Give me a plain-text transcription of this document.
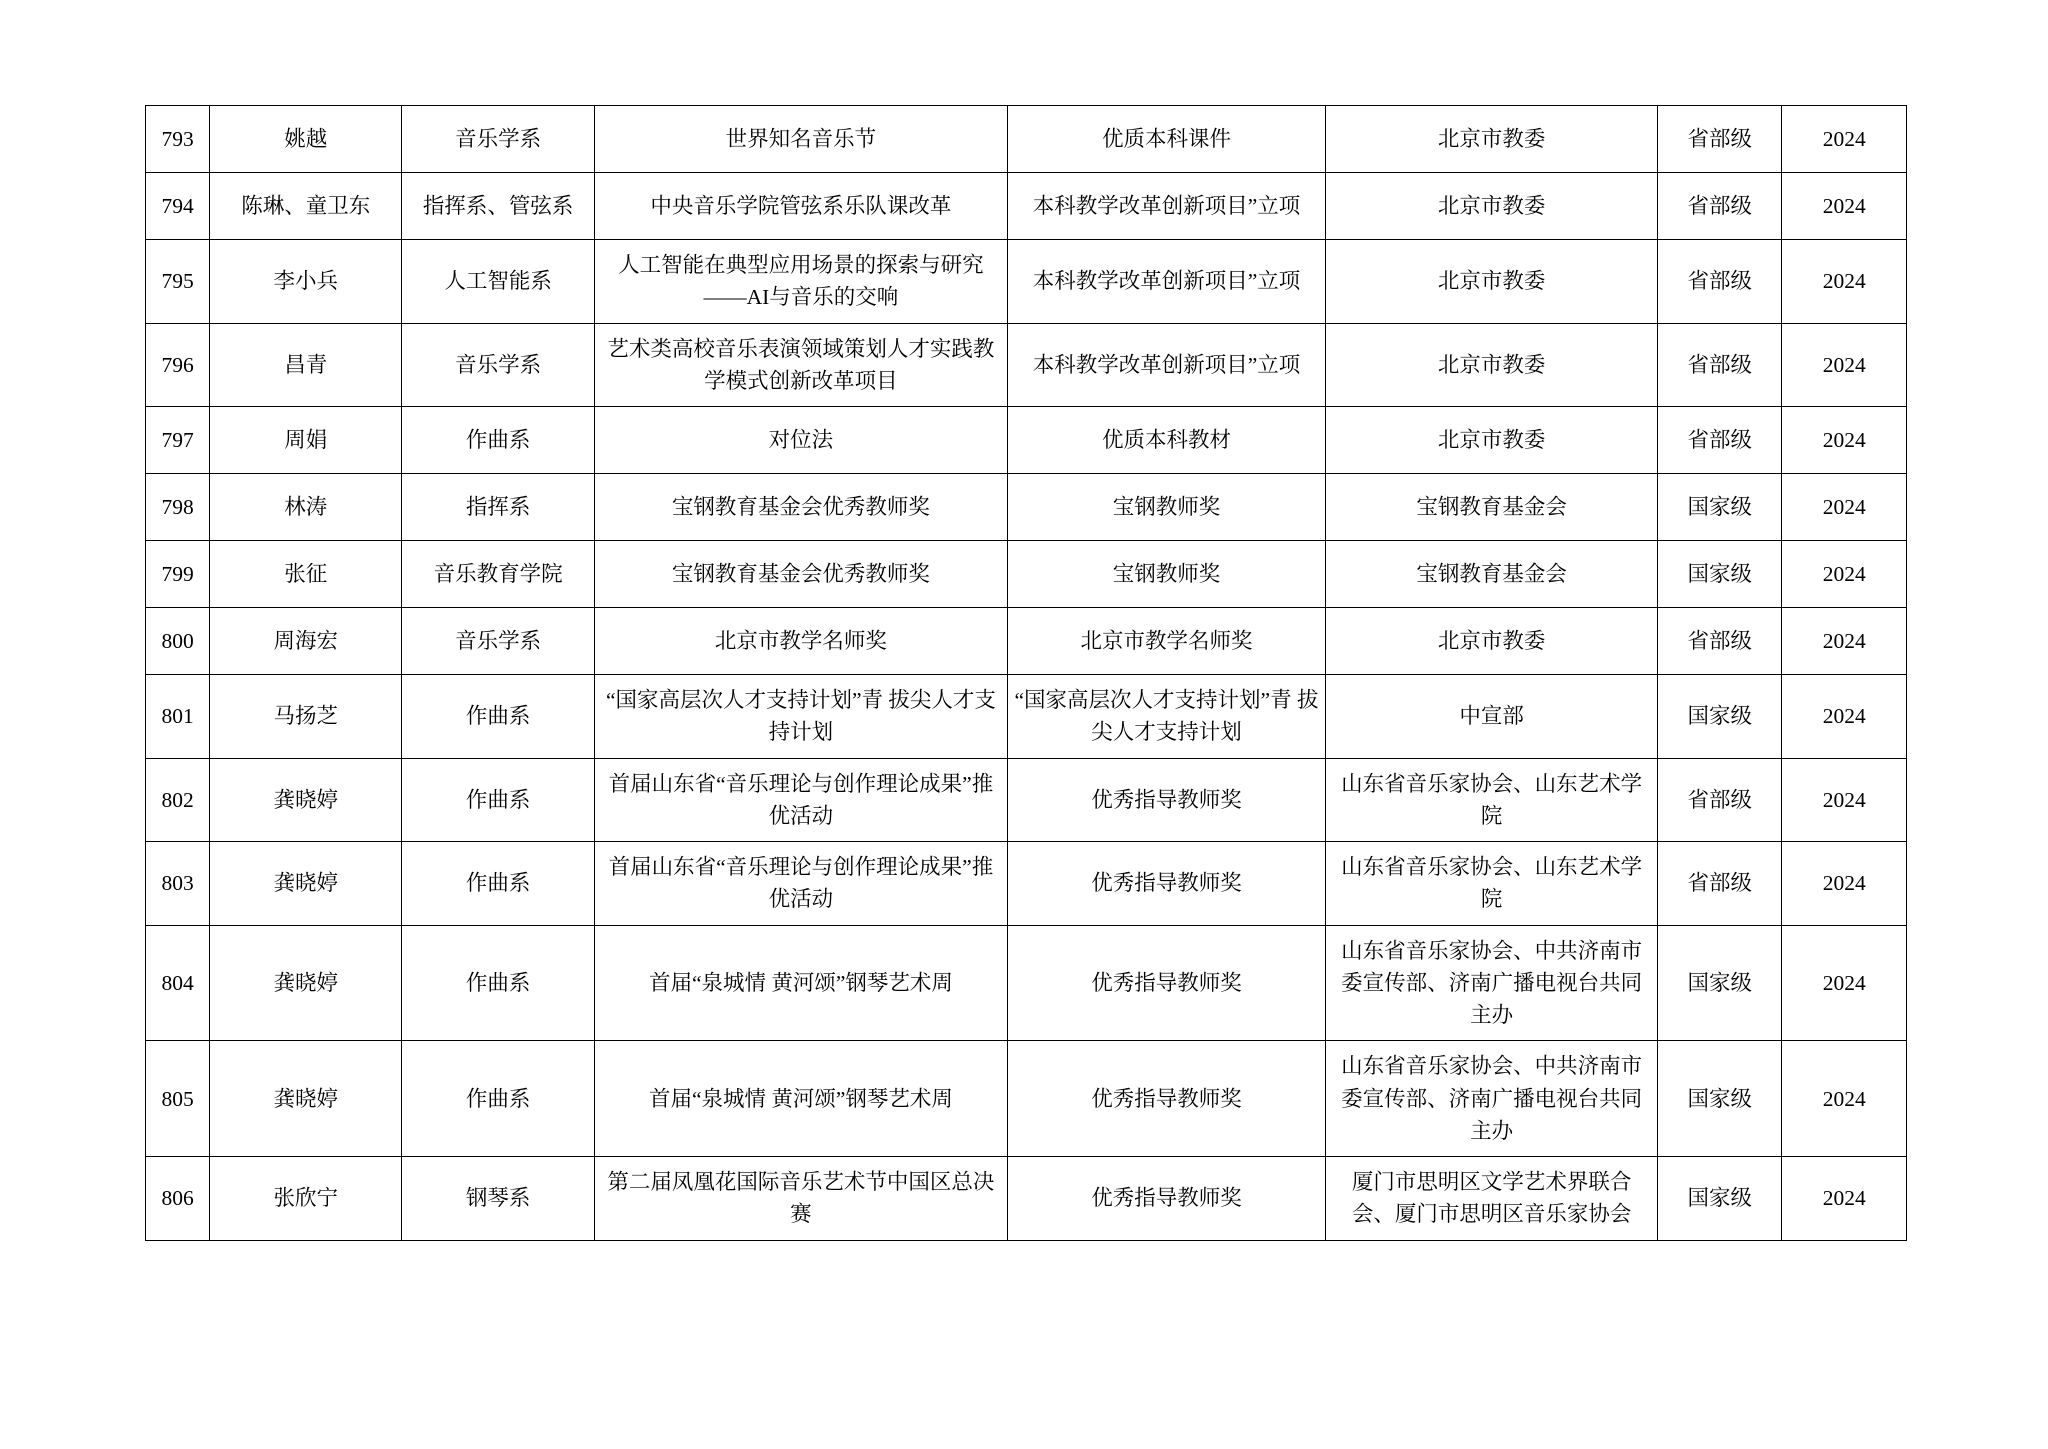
793	姚越	音乐学系	世界知名音乐节	优质本科课件	北京市教委	省部级	2024
794	陈琳、童卫东	指挥系、管弦系	中央音乐学院管弦系乐队课改革	本科教学改革创新项目”立项	北京市教委	省部级	2024
795	李小兵	人工智能系	人工智能在典型应用场景的探索与研究——AI与音乐的交响	本科教学改革创新项目”立项	北京市教委	省部级	2024
796	昌青	音乐学系	艺术类高校音乐表演领域策划人才实践教学模式创新改革项目	本科教学改革创新项目”立项	北京市教委	省部级	2024
797	周娟	作曲系	对位法	优质本科教材	北京市教委	省部级	2024
798	林涛	指挥系	宝钢教育基金会优秀教师奖	宝钢教师奖	宝钢教育基金会	国家级	2024
799	张征	音乐教育学院	宝钢教育基金会优秀教师奖	宝钢教师奖	宝钢教育基金会	国家级	2024
800	周海宏	音乐学系	北京市教学名师奖	北京市教学名师奖	北京市教委	省部级	2024
801	马扬芝	作曲系	“国家高层次人才支持计划”青 拔尖人才支持计划	“国家高层次人才支持计划”青 拔尖人才支持计划	中宣部	国家级	2024
802	龚晓婷	作曲系	首届山东省“音乐理论与创作理论成果”推优活动	优秀指导教师奖	山东省音乐家协会、山东艺术学院	省部级	2024
803	龚晓婷	作曲系	首届山东省“音乐理论与创作理论成果”推优活动	优秀指导教师奖	山东省音乐家协会、山东艺术学院	省部级	2024
804	龚晓婷	作曲系	首届“泉城情 黄河颂”钢琴艺术周	优秀指导教师奖	山东省音乐家协会、中共济南市委宣传部、济南广播电视台共同主办	国家级	2024
805	龚晓婷	作曲系	首届“泉城情 黄河颂”钢琴艺术周	优秀指导教师奖	山东省音乐家协会、中共济南市委宣传部、济南广播电视台共同主办	国家级	2024
806	张欣宁	钢琴系	第二届凤凰花国际音乐艺术节中国区总决赛	优秀指导教师奖	厦门市思明区文学艺术界联合会、厦门市思明区音乐家协会	国家级	2024
